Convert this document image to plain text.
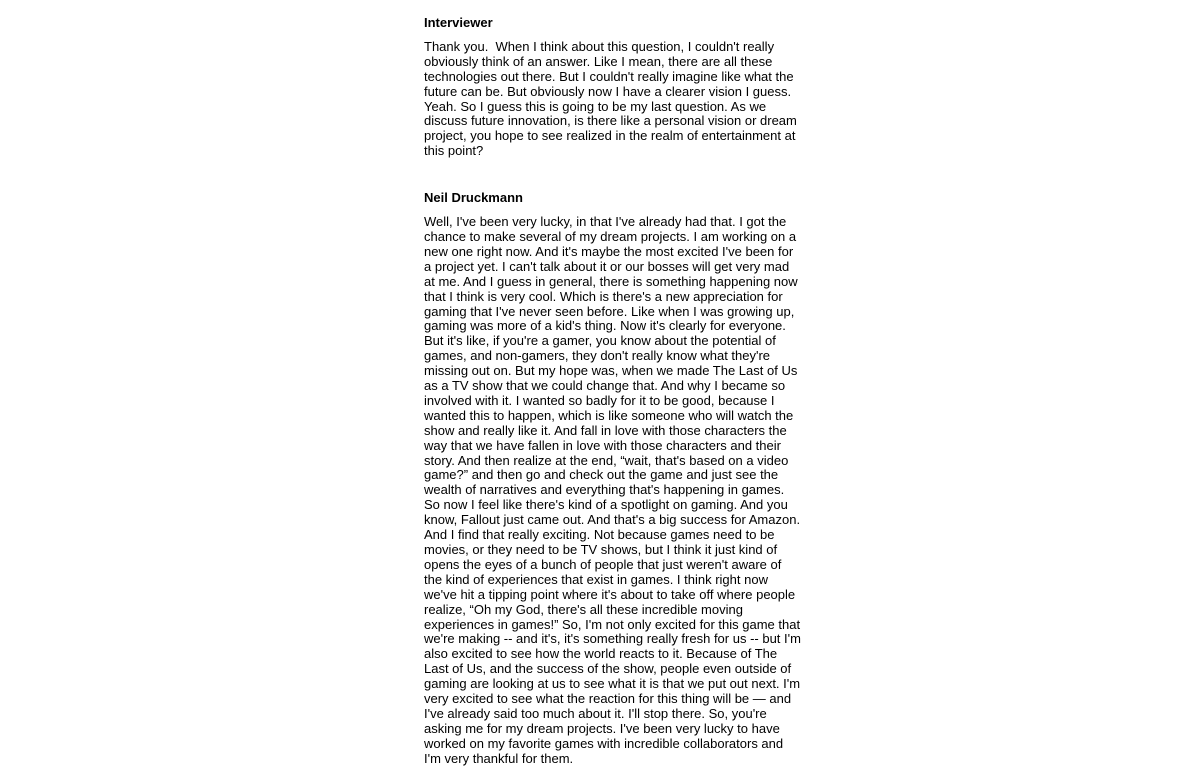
Interviewer

Thank you.  When I think about this question, I couldn't really obviously think of an answer. Like I mean, there are all these technologies out there. But I couldn't really imagine like what the future can be. But obviously now I have a clearer vision I guess. Yeah. So I guess this is going to be my last question. As we discuss future innovation, is there like a personal vision or dream project, you hope to see realized in the realm of entertainment at this point?

Neil Druckmann

Well, I've been very lucky, in that I've already had that. I got the chance to make several of my dream projects. I am working on a new one right now. And it's maybe the most excited I've been for a project yet. I can't talk about it or our bosses will get very mad at me. And I guess in general, there is something happening now that I think is very cool. Which is there's a new appreciation for gaming that I've never seen before. Like when I was growing up, gaming was more of a kid's thing. Now it's clearly for everyone. But it's like, if you're a gamer, you know about the potential of games, and non-gamers, they don't really know what they're missing out on. But my hope was, when we made The Last of Us as a TV show that we could change that. And why I became so involved with it. I wanted so badly for it to be good, because I wanted this to happen, which is like someone who will watch the show and really like it. And fall in love with those characters the way that we have fallen in love with those characters and their story. And then realize at the end, “wait, that's based on a video game?” and then go and check out the game and just see the wealth of narratives and everything that's happening in games. So now I feel like there's kind of a spotlight on gaming. And you know, Fallout just came out. And that's a big success for Amazon. And I find that really exciting. Not because games need to be movies, or they need to be TV shows, but I think it just kind of opens the eyes of a bunch of people that just weren't aware of the kind of experiences that exist in games. I think right now we've hit a tipping point where it's about to take off where people realize, “Oh my God, there's all these incredible moving experiences in games!” So, I'm not only excited for this game that we're making -- and it's, it's something really fresh for us -- but I'm also excited to see how the world reacts to it. Because of The Last of Us, and the success of the show, people even outside of gaming are looking at us to see what it is that we put out next. I'm very excited to see what the reaction for this thing will be — and I've already said too much about it. I'll stop there. So, you're asking me for my dream projects. I've been very lucky to have worked on my favorite games with incredible collaborators and I'm very thankful for them.
